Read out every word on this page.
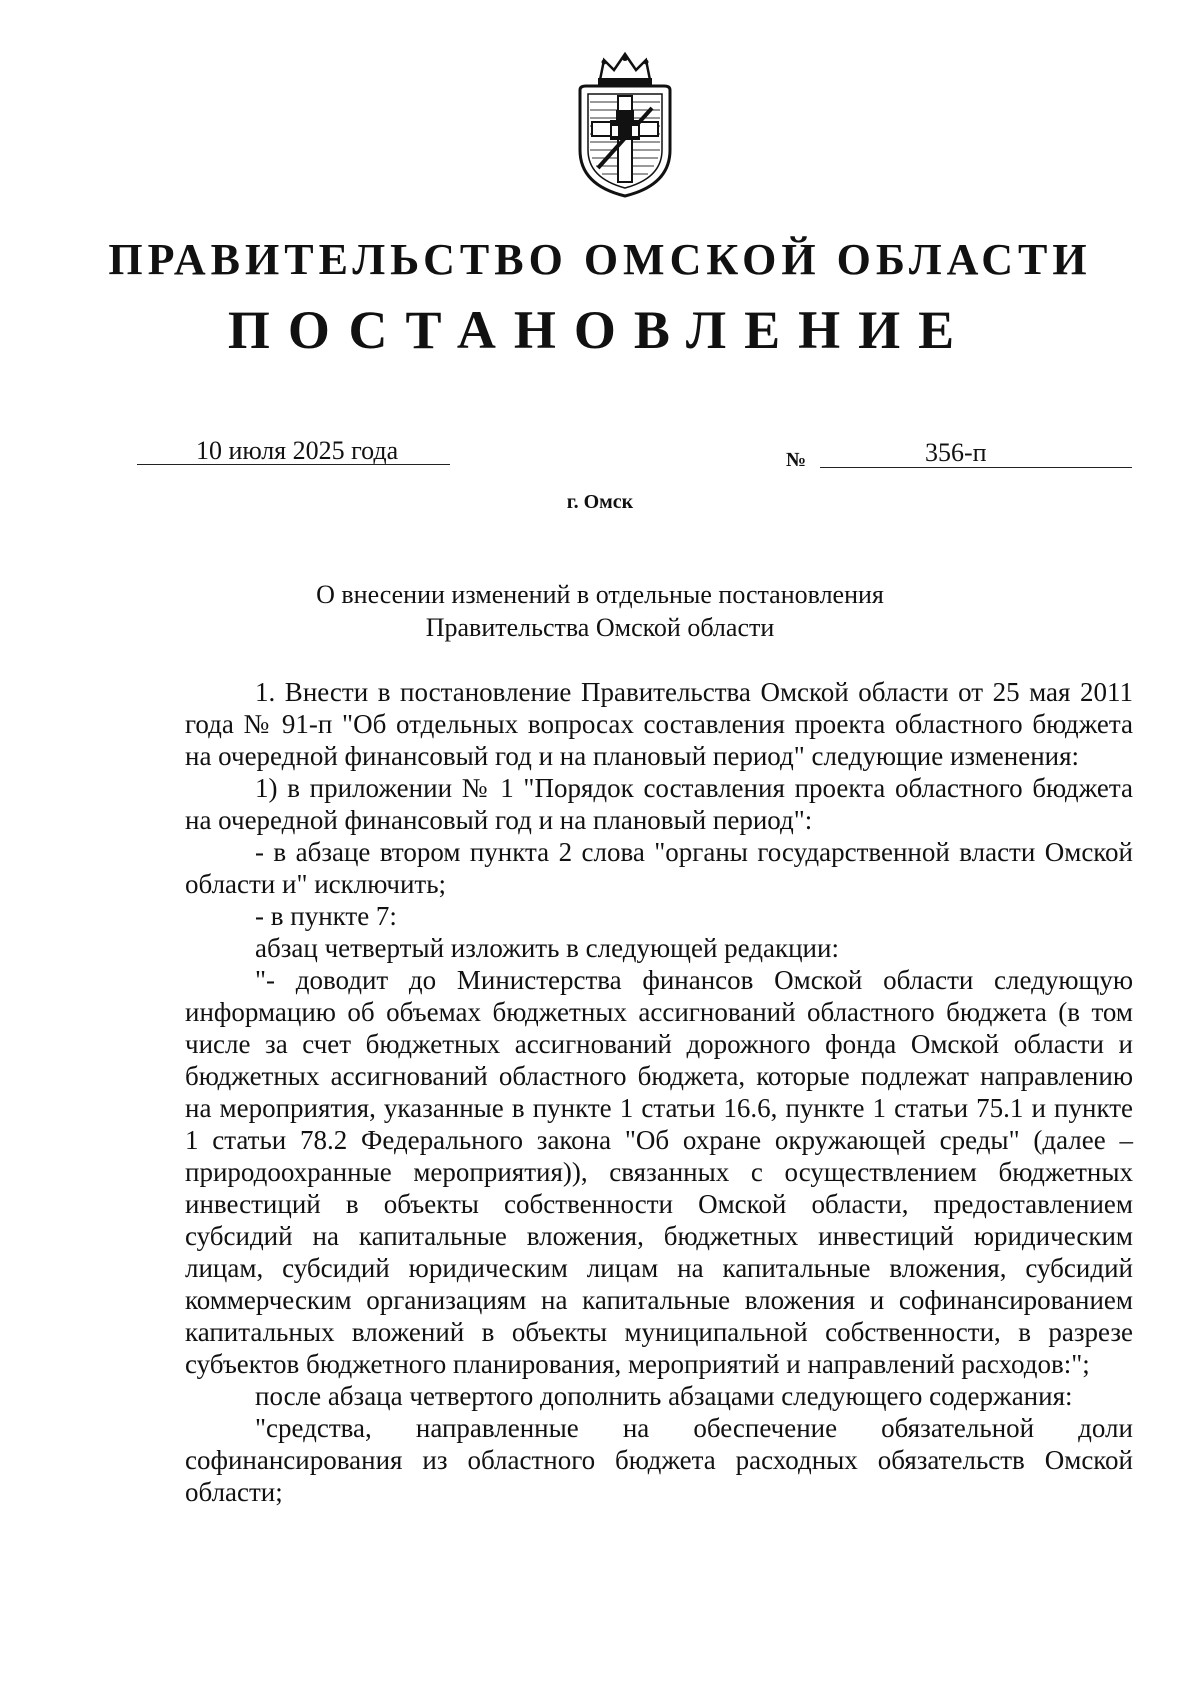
ПРАВИТЕЛЬСТВО ОМСКОЙ ОБЛАСТИ
ПОСТАНОВЛЕНИЕ
10 июля 2025 года	№	356-п
г. Омск
О внесении изменений в отдельные постановления
Правительства Омской области

1. Внести в постановление Правительства Омской области от 25 мая 2011 года № 91-п "Об отдельных вопросах составления проекта областного бюджета на очередной финансовый год и на плановый период" следующие изменения:

1) в приложении № 1 "Порядок составления проекта областного бюджета на очередной финансовый год и на плановый период":

- в абзаце втором пункта 2 слова "органы государственной власти Омской области и" исключить;

- в пункте 7:

абзац четвертый изложить в следующей редакции:

"- доводит до Министерства финансов Омской области следующую информацию об объемах бюджетных ассигнований областного бюджета (в том числе за счет бюджетных ассигнований дорожного фонда Омской области и бюджетных ассигнований областного бюджета, которые подлежат направлению на мероприятия, указанные в пункте 1 статьи 16.6, пункте 1 статьи 75.1 и пункте 1 статьи 78.2 Федерального закона "Об охране окружающей среды" (далее – природоохранные мероприятия)), связанных с осуществлением бюджетных инвестиций в объекты собственности Омской области, предоставлением субсидий на капитальные вложения, бюджетных инвестиций юридическим лицам, субсидий юридическим лицам на капитальные вложения, субсидий коммерческим организациям на капитальные вложения и софинансированием капитальных вложений в объекты муниципальной собственности, в разрезе субъектов бюджетного планирования, мероприятий и направлений расходов:";

после абзаца четвертого дополнить абзацами следующего содержания:

"средства, направленные на обеспечение обязательной доли софинансирования из областного бюджета расходных обязательств Омской области;
